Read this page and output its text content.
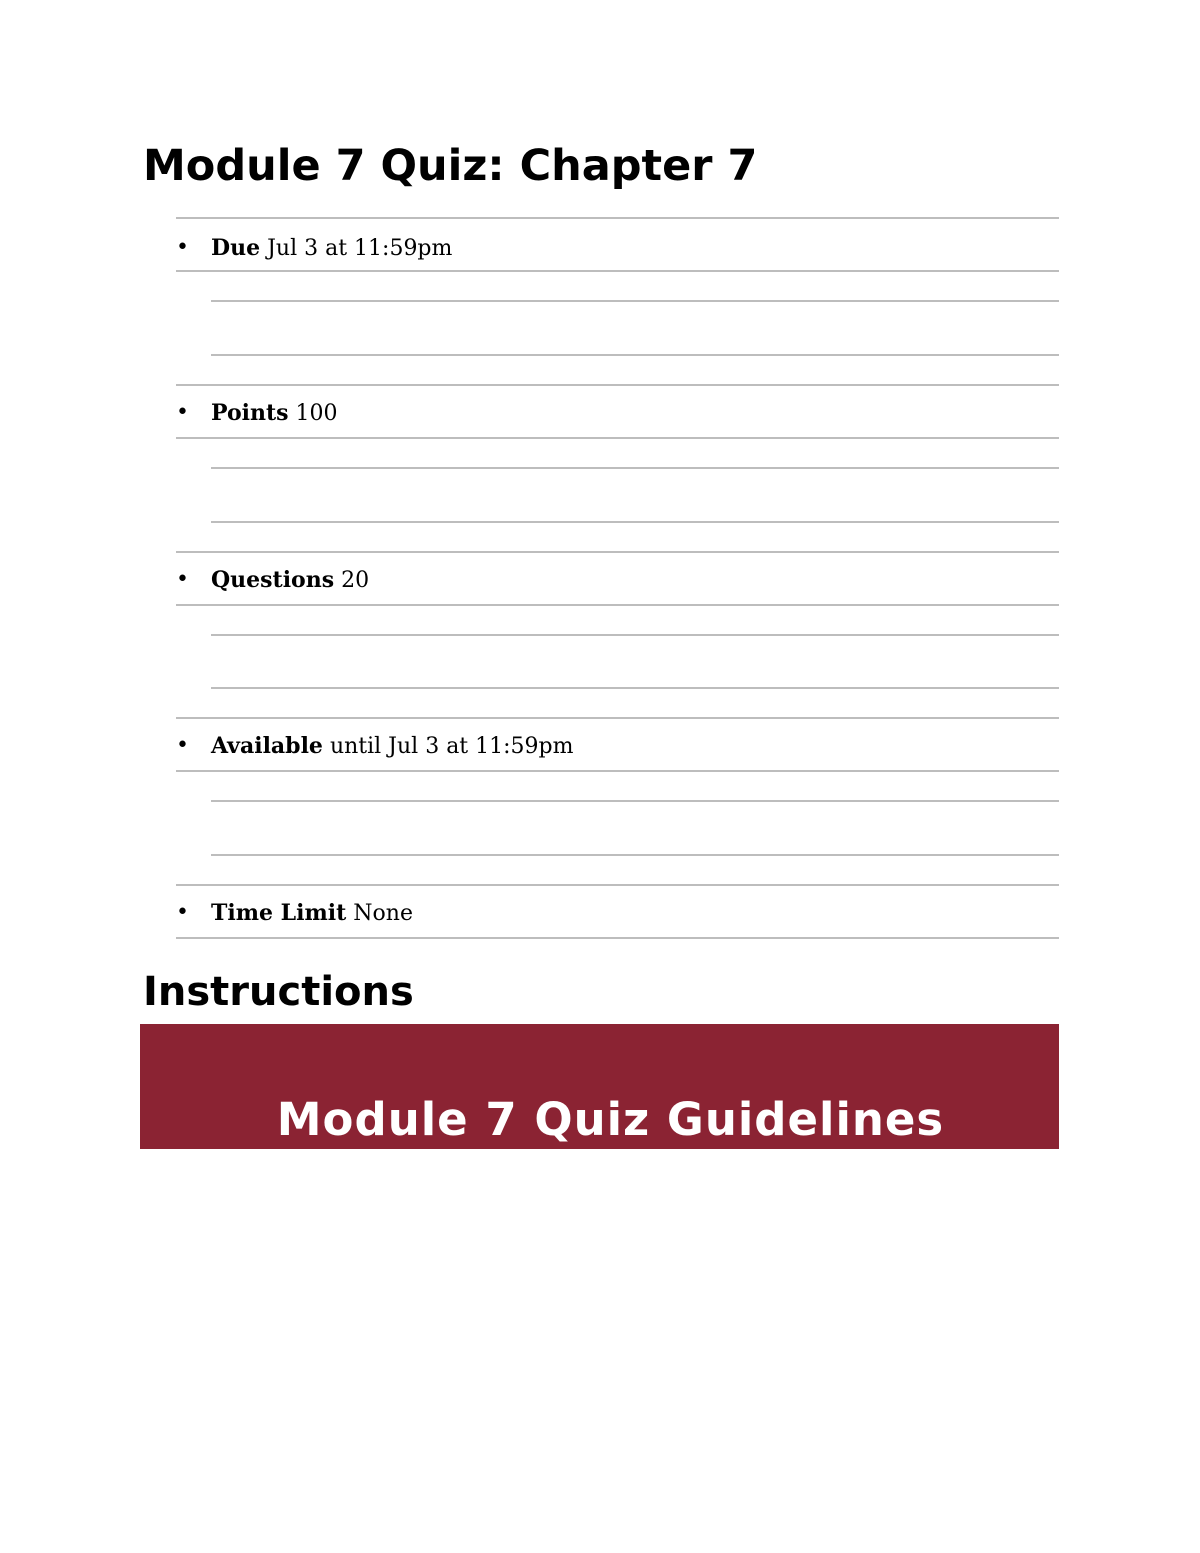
Module 7 Quiz: Chapter 7
• Due Jul 3 at 11:59pm
• Points 100
• Questions 20
• Available until Jul 3 at 11:59pm
• Time Limit None
Instructions
Module 7 Quiz Guidelines
